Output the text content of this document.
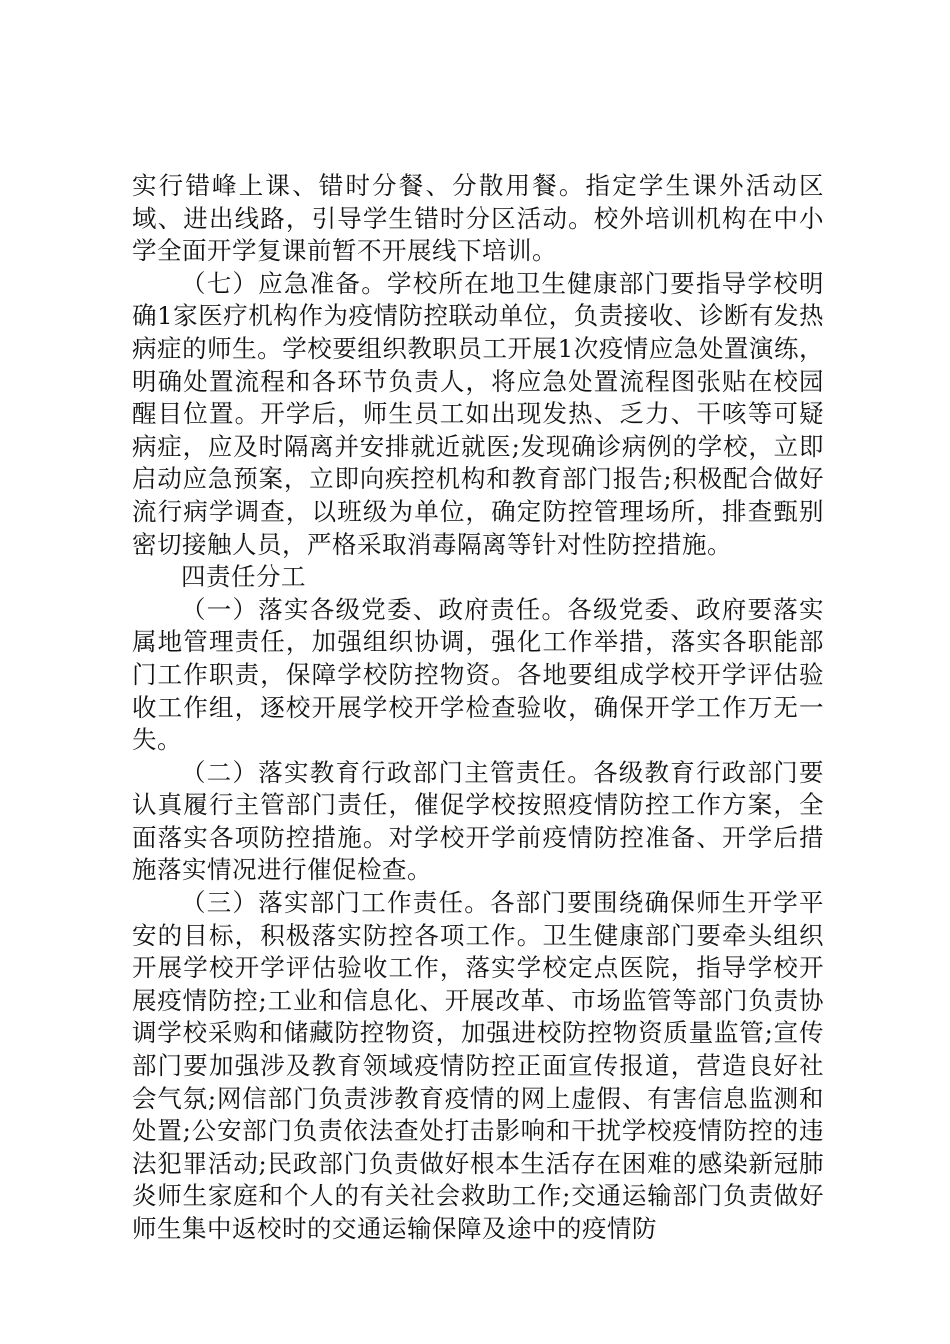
实行错峰上课、错时分餐、分散用餐。指定学生课外活动区域、进出线路，引导学生错时分区活动。校外培训机构在中小学全面开学复课前暂不开展线下培训。

（七）应急准备。学校所在地卫生健康部门要指导学校明确1家医疗机构作为疫情防控联动单位，负责接收、诊断有发热病症的师生。学校要组织教职员工开展1次疫情应急处置演练，明确处置流程和各环节负责人，将应急处置流程图张贴在校园醒目位置。开学后，师生员工如出现发热、乏力、干咳等可疑病症，应及时隔离并安排就近就医;发现确诊病例的学校，立即启动应急预案，立即向疾控机构和教育部门报告;积极配合做好流行病学调查，以班级为单位，确定防控管理场所，排查甄别密切接触人员，严格采取消毒隔离等针对性防控措施。

四责任分工

（一）落实各级党委、政府责任。各级党委、政府要落实属地管理责任，加强组织协调，强化工作举措，落实各职能部门工作职责，保障学校防控物资。各地要组成学校开学评估验收工作组，逐校开展学校开学检查验收，确保开学工作万无一失。

（二）落实教育行政部门主管责任。各级教育行政部门要认真履行主管部门责任，催促学校按照疫情防控工作方案，全面落实各项防控措施。对学校开学前疫情防控准备、开学后措施落实情况进行催促检查。

（三）落实部门工作责任。各部门要围绕确保师生开学平安的目标，积极落实防控各项工作。卫生健康部门要牵头组织开展学校开学评估验收工作，落实学校定点医院，指导学校开展疫情防控;工业和信息化、开展改革、市场监管等部门负责协调学校采购和储藏防控物资，加强进校防控物资质量监管;宣传部门要加强涉及教育领域疫情防控正面宣传报道，营造良好社会气氛;网信部门负责涉教育疫情的网上虚假、有害信息监测和处置;公安部门负责依法查处打击影响和干扰学校疫情防控的违法犯罪活动;民政部门负责做好根本生活存在困难的感染新冠肺炎师生家庭和个人的有关社会救助工作;交通运输部门负责做好师生集中返校时的交通运输保障及途中的疫情防
